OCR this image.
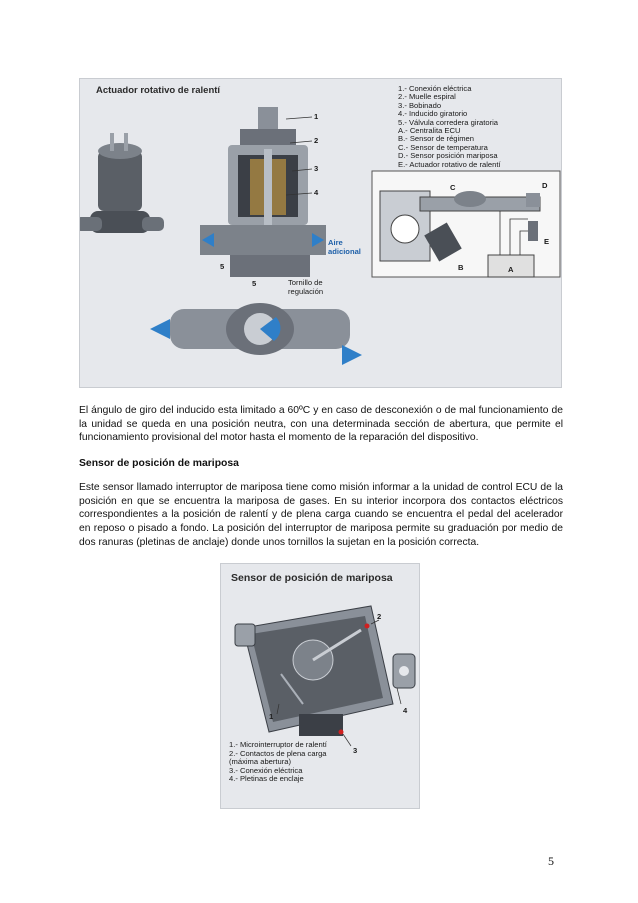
Actuador rotativo de ralentí	1.- Conexión eléctrica
2.- Muelle espiral
3.- Bobinado
4.- Inducido giratorio
5.- Válvula corredera giratoria
A.- Centralita ECU
B.- Sensor de régimen
C.- Sensor de temperatura
D.- Sensor posición mariposa
E.- Actuador rotativo de ralentí
1
2
3
4
5
5
A
B
C	D
E
Aire
adicional
Tornillo de
regulación
El ángulo de giro del inducido esta limitado a 60ºC y en caso de desconexión o de mal funcionamiento de la unidad se queda en una posición neutra, con una determinada sección de abertura, que permite el funcionamiento provisional del motor hasta el momento de la reparación del dispositivo.
Sensor de posición de mariposa
Este sensor llamado interruptor de mariposa tiene como misión informar a la unidad de control ECU de la posición en que se encuentra la mariposa de gases. En su interior incorpora dos contactos eléctricos correspondientes a la posición de ralentí y de plena carga cuando se encuentra el pedal del acelerador en reposo o pisado a fondo. La posición del interruptor de mariposa permite su graduación por medio de dos ranuras (pletinas de anclaje) donde unos tornillos la sujetan en la posición correcta.
Sensor de posición de mariposa
1
2
3
4
1.- Microinterruptor de ralentí
2.- Contactos de plena carga
(máxima abertura)
3.- Conexión eléctrica
4.- Pletinas de enclaje
5
